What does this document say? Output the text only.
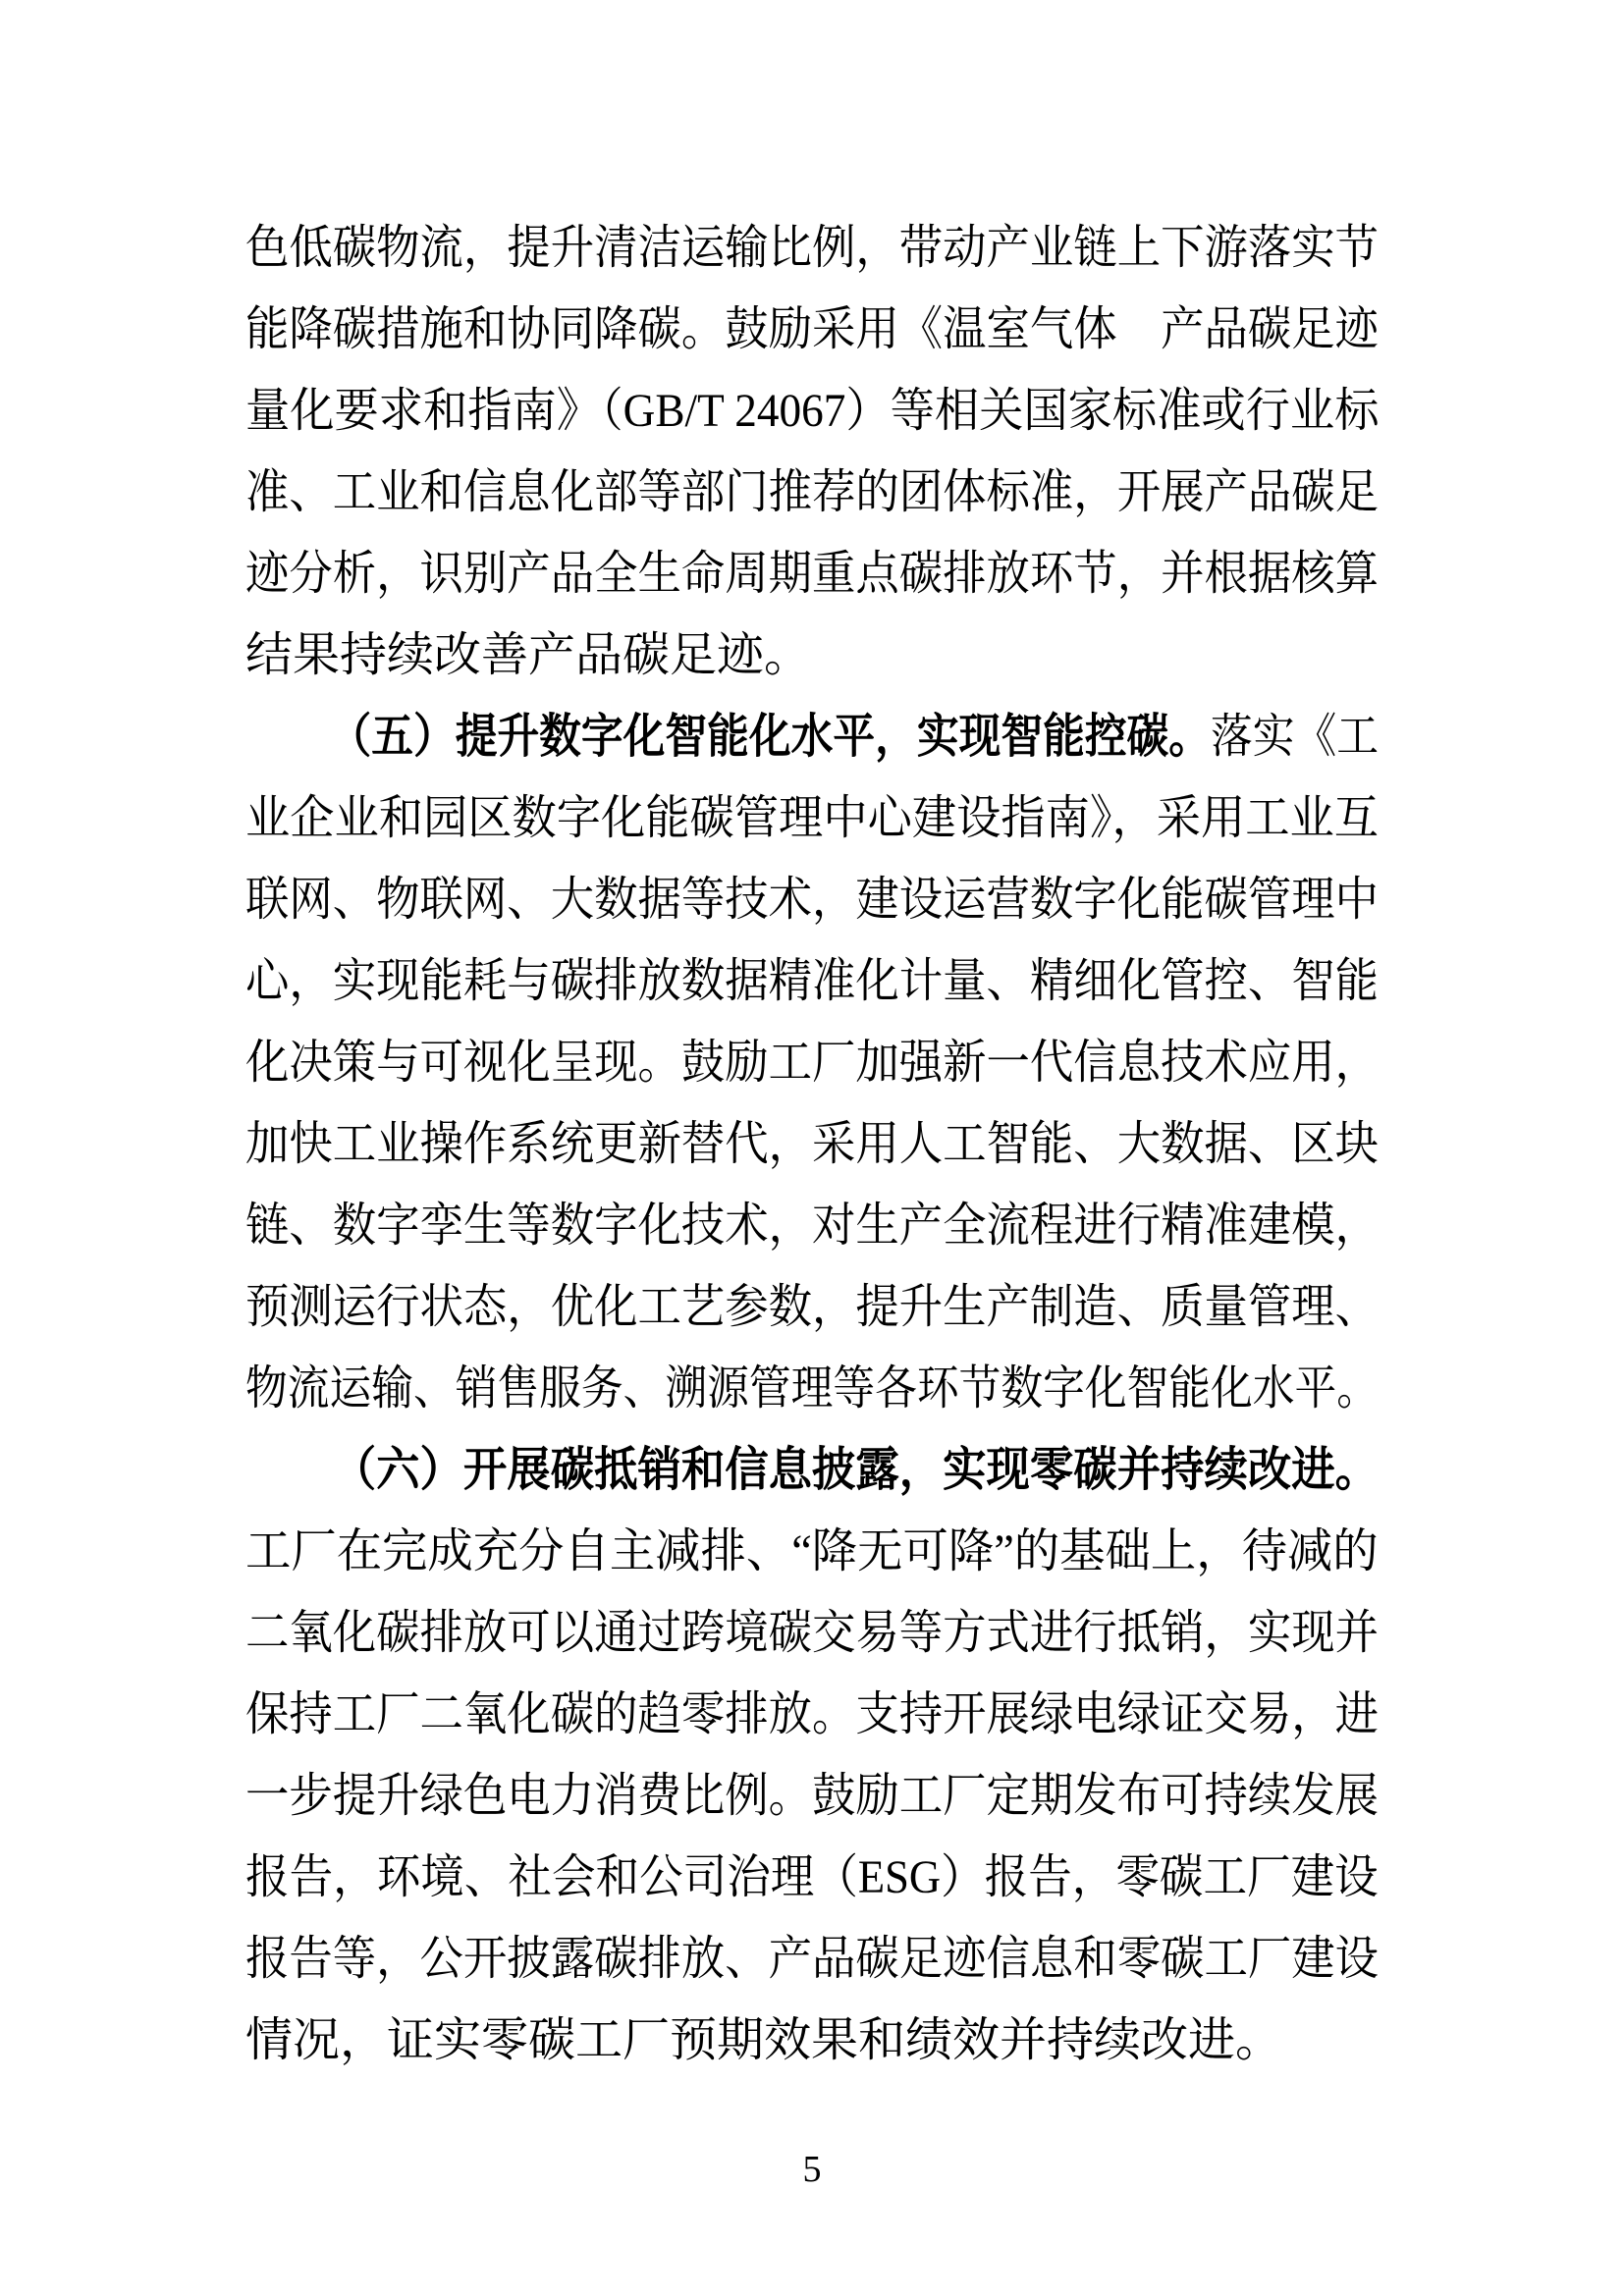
色低碳物流，提升清洁运输比例，带动产业链上下游落实节
能降碳措施和协同降碳。鼓励采用《温室气体　产品碳足迹
量化要求和指南》（GB/T 24067）等相关国家标准或行业标
准、工业和信息化部等部门推荐的团体标准，开展产品碳足
迹分析，识别产品全生命周期重点碳排放环节，并根据核算
结果持续改善产品碳足迹。
（五）提升数字化智能化水平，实现智能控碳。落实《工
业企业和园区数字化能碳管理中心建设指南》，采用工业互
联网、物联网、大数据等技术，建设运营数字化能碳管理中
心，实现能耗与碳排放数据精准化计量、精细化管控、智能
化决策与可视化呈现。鼓励工厂加强新一代信息技术应用，
加快工业操作系统更新替代，采用人工智能、大数据、区块
链、数字孪生等数字化技术，对生产全流程进行精准建模，
预测运行状态，优化工艺参数，提升生产制造、质量管理、
物流运输、销售服务、溯源管理等各环节数字化智能化水平。
（六）开展碳抵销和信息披露，实现零碳并持续改进。
工厂在完成充分自主减排、“降无可降”的基础上，待减的
二氧化碳排放可以通过跨境碳交易等方式进行抵销，实现并
保持工厂二氧化碳的趋零排放。支持开展绿电绿证交易，进
一步提升绿色电力消费比例。鼓励工厂定期发布可持续发展
报告，环境、社会和公司治理（ESG）报告，零碳工厂建设
报告等，公开披露碳排放、产品碳足迹信息和零碳工厂建设
情况，证实零碳工厂预期效果和绩效并持续改进。
5
